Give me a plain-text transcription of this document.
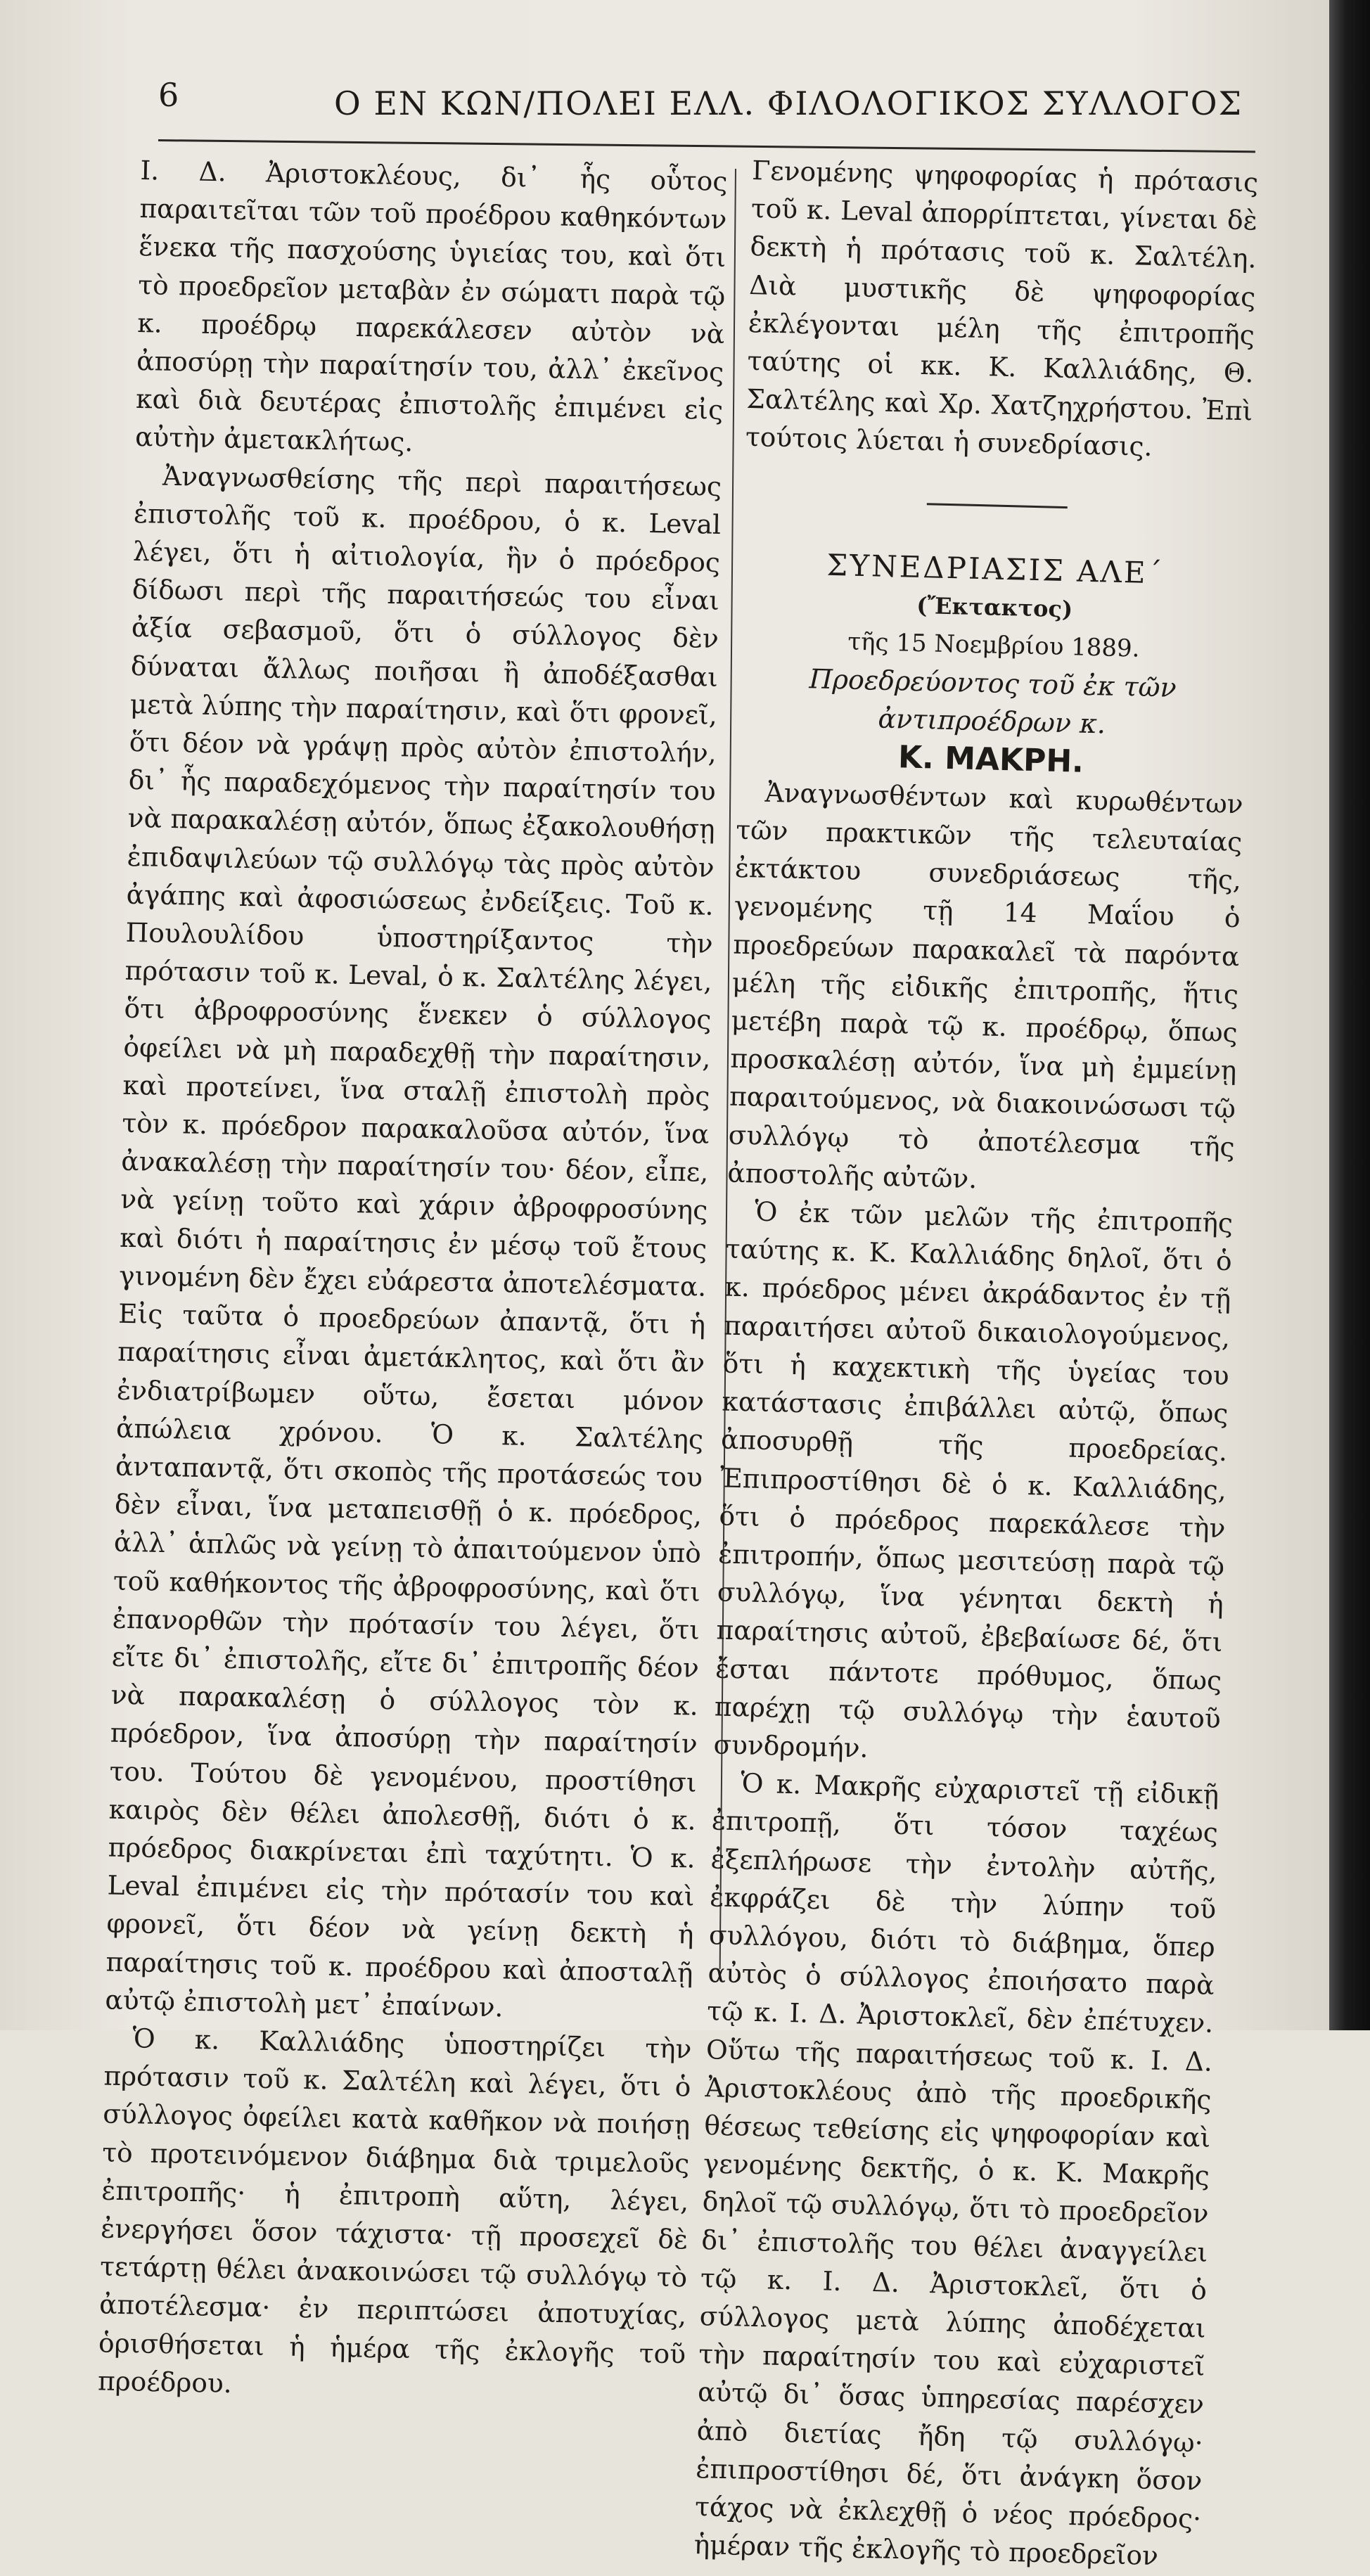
6	Ο ΕΝ ΚΩΝ/ΠΟΛΕΙ ΕΛΛ. ΦΙΛΟΛΟΓΙΚΟΣ ΣΥΛΛΟΓΟΣ

Ι. Δ. Ἀριστοκλέους, δι᾽ ἧς οὗτος παραιτεῖται τῶν τοῦ προέδρου καθηκόντων ἕνεκα τῆς πασχούσης ὑγιείας του, καὶ ὅτι τὸ προεδρεῖον μεταβὰν ἐν σώματι παρὰ τῷ κ. προέδρῳ παρεκάλεσεν αὐτὸν νὰ ἀποσύρῃ τὴν παραίτησίν του, ἀλλ᾽ ἐκεῖνος καὶ διὰ δευτέρας ἐπιστολῆς ἐπιμένει εἰς αὐτὴν ἀμετακλήτως.

Ἀναγνωσθείσης τῆς περὶ παραιτήσεως ἐπιστολῆς τοῦ κ. προέδρου, ὁ κ. Leval λέγει, ὅτι ἡ αἰτιολογία, ἣν ὁ πρόεδρος δίδωσι περὶ τῆς παραιτήσεώς του εἶναι ἀξία σεβασμοῦ, ὅτι ὁ σύλλογος δὲν δύναται ἄλλως ποιῆσαι ἢ ἀποδέξασθαι μετὰ λύπης τὴν παραίτησιν, καὶ ὅτι φρονεῖ, ὅτι δέον νὰ γράψῃ πρὸς αὐτὸν ἐπιστολήν, δι᾽ ἧς παραδεχόμενος τὴν παραίτησίν του νὰ παρακαλέσῃ αὐτόν, ὅπως ἐξακολουθήσῃ ἐπιδαψιλεύων τῷ συλλόγῳ τὰς πρὸς αὐτὸν ἀγάπης καὶ ἀφοσιώσεως ἐνδείξεις. Τοῦ κ. Πουλουλίδου ὑποστηρίξαντος τὴν πρότασιν τοῦ κ. Leval, ὁ κ. Σαλτέλης λέγει, ὅτι ἀβροφροσύνης ἕνεκεν ὁ σύλλογος ὀφείλει νὰ μὴ παραδεχθῇ τὴν παραίτησιν, καὶ προτείνει, ἵνα σταλῇ ἐπιστολὴ πρὸς τὸν κ. πρόεδρον παρακαλοῦσα αὐτόν, ἵνα ἀνακαλέσῃ τὴν παραίτησίν του· δέον, εἶπε, νὰ γείνῃ τοῦτο καὶ χάριν ἀβροφροσύνης καὶ διότι ἡ παραίτησις ἐν μέσῳ τοῦ ἔτους γινομένη δὲν ἔχει εὐάρεστα ἀποτελέσματα. Εἰς ταῦτα ὁ προεδρεύων ἀπαντᾷ, ὅτι ἡ παραίτησις εἶναι ἀμετάκλητος, καὶ ὅτι ἂν ἐνδιατρίβωμεν οὕτω, ἔσεται μόνον ἀπώλεια χρόνου. Ὁ κ. Σαλτέλης ἀνταπαντᾷ, ὅτι σκοπὸς τῆς προτάσεώς του δὲν εἶναι, ἵνα μεταπεισθῇ ὁ κ. πρόεδρος, ἀλλ᾽ ἁπλῶς νὰ γείνῃ τὸ ἀπαιτούμενον ὑπὸ τοῦ καθήκοντος τῆς ἀβροφροσύνης, καὶ ὅτι ἐπανορθῶν τὴν πρότασίν του λέγει, ὅτι εἴτε δι᾽ ἐπιστολῆς, εἴτε δι᾽ ἐπιτροπῆς δέον νὰ παρακαλέσῃ ὁ σύλλογος τὸν κ. πρόεδρον, ἵνα ἀποσύρῃ τὴν παραίτησίν του. Τούτου δὲ γενομένου, προστίθησι καιρὸς δὲν θέλει ἀπολεσθῇ, διότι ὁ κ. πρόεδρος διακρίνεται ἐπὶ ταχύτητι. Ὁ κ. Leval ἐπιμένει εἰς τὴν πρότασίν του καὶ φρονεῖ, ὅτι δέον νὰ γείνῃ δεκτὴ ἡ παραίτησις τοῦ κ. προέδρου καὶ ἀποσταλῇ αὐτῷ ἐπιστολὴ μετ᾽ ἐπαίνων.

Ὁ κ. Καλλιάδης ὑποστηρίζει τὴν πρότασιν τοῦ κ. Σαλτέλη καὶ λέγει, ὅτι ὁ σύλλογος ὀφείλει κατὰ καθῆκον νὰ ποιήσῃ τὸ προτεινόμενον διάβημα διὰ τριμελοῦς ἐπιτροπῆς· ἡ ἐπιτροπὴ αὕτη, λέγει, ἐνεργήσει ὅσον τάχιστα· τῇ προσεχεῖ δὲ τετάρτῃ θέλει ἀνακοινώσει τῷ συλλόγῳ τὸ ἀποτέλεσμα· ἐν περιπτώσει ἀποτυχίας, ὁρισθήσεται ἡ ἡμέρα τῆς ἐκλογῆς τοῦ προέδρου.

Γενομένης ψηφοφορίας ἡ πρότασις τοῦ κ. Leval ἀπορρίπτεται, γίνεται δὲ δεκτὴ ἡ πρότασις τοῦ κ. Σαλτέλη. Διὰ μυστικῆς δὲ ψηφοφορίας ἐκλέγονται μέλη τῆς ἐπιτροπῆς ταύτης οἱ κκ. Κ. Καλλιάδης, Θ. Σαλτέλης καὶ Χρ. Χατζηχρήστου. Ἐπὶ τούτοις λύεται ἡ συνεδρίασις.

ΣΥΝΕΔΡΙΑΣΙΣ ΑΛΕ΄

(Ἔκτακτος)

τῆς 15 Νοεμβρίου 1889.

Προεδρεύοντος τοῦ ἐκ τῶν ἀντιπροέδρων κ.

Κ. ΜΑΚΡΗ.

Ἀναγνωσθέντων καὶ κυρωθέντων τῶν πρακτικῶν τῆς τελευταίας ἐκτάκτου συνεδριάσεως τῆς, γενομένης τῇ 14 Μαΐου ὁ προεδρεύων παρακαλεῖ τὰ παρόντα μέλη τῆς εἰδικῆς ἐπιτροπῆς, ἥτις μετέβη παρὰ τῷ κ. προέδρῳ, ὅπως προσκαλέσῃ αὐτόν, ἵνα μὴ ἐμμείνῃ παραιτούμενος, νὰ διακοινώσωσι τῷ συλλόγῳ τὸ ἀποτέλεσμα τῆς ἀποστολῆς αὐτῶν.

Ὁ ἐκ τῶν μελῶν τῆς ἐπιτροπῆς ταύτης κ. Κ. Καλλιάδης δηλοῖ, ὅτι ὁ κ. πρόεδρος μένει ἀκράδαντος ἐν τῇ παραιτήσει αὐτοῦ δικαιολογούμενος, ὅτι ἡ καχεκτικὴ τῆς ὑγείας του κατάστασις ἐπιβάλλει αὐτῷ, ὅπως ἀποσυρθῇ τῆς προεδρείας. Ἐπιπροστίθησι δὲ ὁ κ. Καλλιάδης, ὅτι ὁ πρόεδρος παρεκάλεσε τὴν ἐπιτροπήν, ὅπως μεσιτεύσῃ παρὰ τῷ συλλόγῳ, ἵνα γένηται δεκτὴ ἡ παραίτησις αὐτοῦ, ἐβεβαίωσε δέ, ὅτι ἔσται πάντοτε πρόθυμος, ὅπως παρέχῃ τῷ συλλόγῳ τὴν ἑαυτοῦ συνδρομήν.

Ὁ κ. Μακρῆς εὐχαριστεῖ τῇ εἰδικῇ ἐπιτροπῇ, ὅτι τόσον ταχέως ἐξεπλήρωσε τὴν ἐντολὴν αὐτῆς, ἐκφράζει δὲ τὴν λύπην τοῦ συλλόγου, διότι τὸ διάβημα, ὅπερ αὐτὸς ὁ σύλλογος ἐποιήσατο παρὰ τῷ κ. Ι. Δ. Ἀριστοκλεῖ, δὲν ἐπέτυχεν. Οὕτω τῆς παραιτήσεως τοῦ κ. Ι. Δ. Ἀριστοκλέους ἀπὸ τῆς προεδρικῆς θέσεως τεθείσης εἰς ψηφοφορίαν καὶ γενομένης δεκτῆς, ὁ κ. Κ. Μακρῆς δηλοῖ τῷ συλλόγῳ, ὅτι τὸ προεδρεῖον δι᾽ ἐπιστολῆς του θέλει ἀναγγείλει τῷ κ. Ι. Δ. Ἀριστοκλεῖ, ὅτι ὁ σύλλογος μετὰ λύπης ἀποδέχεται τὴν παραίτησίν του καὶ εὐχαριστεῖ αὐτῷ δι᾽ ὅσας ὑπηρεσίας παρέσχεν ἀπὸ διετίας ἤδη τῷ συλλόγῳ· ἐπιπροστίθησι δέ, ὅτι ἀνάγκη ὅσον τάχος νὰ ἐκλεχθῇ ὁ νέος πρόεδρος· ἡμέραν τῆς ἐκλογῆς τὸ προεδρεῖον
